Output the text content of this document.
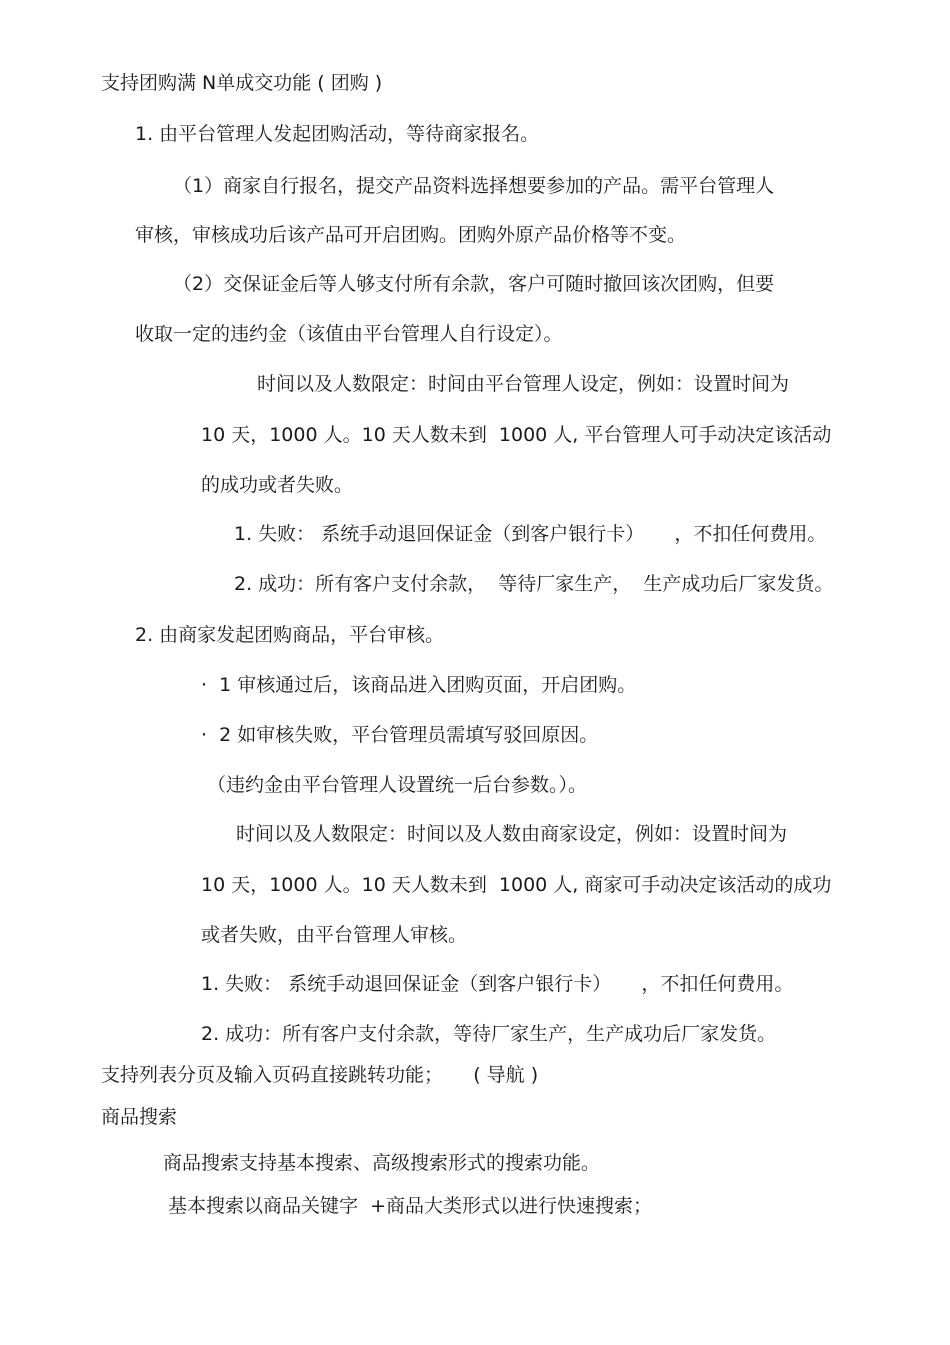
支持团购满 N单成交功能 ( 团购 )
1. 由平台管理人发起团购活动，等待商家报名。
（1）商家自行报名，提交产品资料选择想要参加的产品。需平台管理人
审核，审核成功后该产品可开启团购。团购外原产品价格等不变。
（2）交保证金后等人够支付所有余款，客户可随时撤回该次团购，但要
收取一定的违约金（该值由平台管理人自行设定）。
时间以及人数限定：时间由平台管理人设定，例如：设置时间为
10 天，1000 人。10 天人数未到  1000 人, 平台管理人可手动决定该活动
的成功或者失败。
1. 失败： 系统手动退回保证金（到客户银行卡）     ，不扣任何费用。
2. 成功：所有客户支付余款，  等待厂家生产，  生产成功后厂家发货。
2. 由商家发起团购商品，平台审核。
·  1 审核通过后，该商品进入团购页面，开启团购。
·  2 如审核失败，平台管理员需填写驳回原因。
（违约金由平台管理人设置统一后台参数。）。
时间以及人数限定：时间以及人数由商家设定，例如：设置时间为
10 天，1000 人。10 天人数未到  1000 人, 商家可手动决定该活动的成功
或者失败，由平台管理人审核。
1. 失败： 系统手动退回保证金（到客户银行卡）     ，不扣任何费用。
2. 成功：所有客户支付余款，等待厂家生产，生产成功后厂家发货。
支持列表分页及输入页码直接跳转功能；     ( 导航 )
商品搜索
商品搜索支持基本搜索、高级搜索形式的搜索功能。
基本搜索以商品关键字  +商品大类形式以进行快速搜索；
